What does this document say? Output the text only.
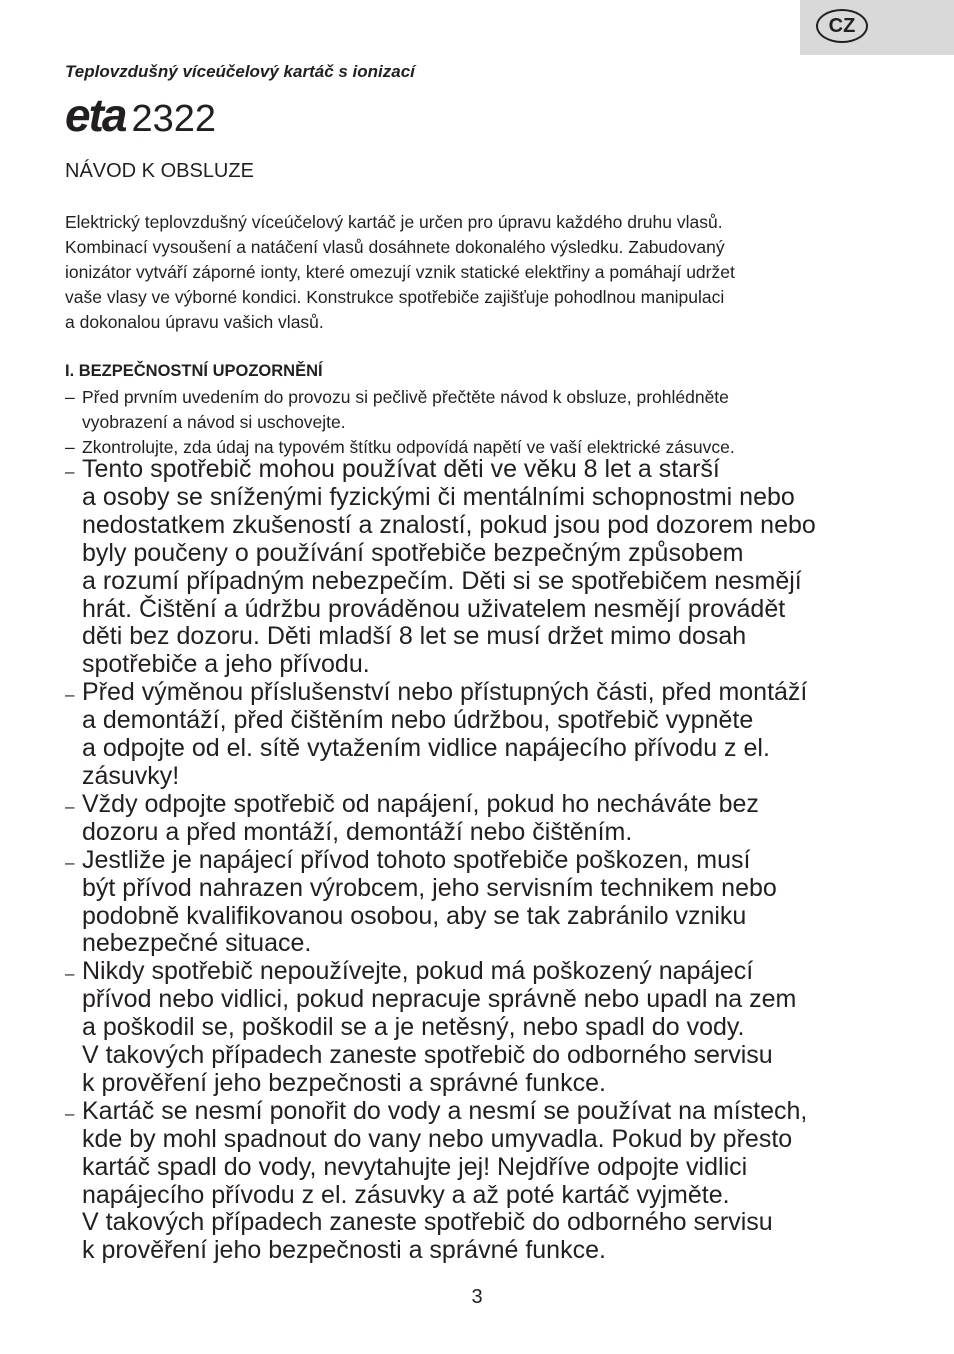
CZ
Teplovzdušný víceúčelový kartáč s ionizací
eta 2322
NÁVOD K OBSLUZE
Elektrický teplovzdušný víceúčelový kartáč je určen pro úpravu každého druhu vlasů.
Kombinací vysoušení a natáčení vlasů dosáhnete dokonalého výsledku. Zabudovaný
ionizátor vytváří záporné ionty, které omezují vznik statické elektřiny a pomáhají udržet
vaše vlasy ve výborné kondici. Konstrukce spotřebiče zajišťuje pohodlnou manipulaci
a dokonalou úpravu vašich vlasů.
I. BEZPEČNOSTNÍ UPOZORNĚNÍ
– Před prvním uvedením do provozu si pečlivě přečtěte návod k obsluze, prohlédněte
vyobrazení a návod si uschovejte.
– Zkontrolujte, zda údaj na typovém štítku odpovídá napětí ve vaší elektrické zásuvce.
– Tento spotřebič mohou používat děti ve věku 8 let a starší
a osoby se sníženými fyzickými či mentálními schopnostmi nebo
nedostatkem zkušeností a znalostí, pokud jsou pod dozorem nebo
byly poučeny o používání spotřebiče bezpečným způsobem
a rozumí případným nebezpečím. Děti si se spotřebičem nesmějí
hrát. Čištění a údržbu prováděnou uživatelem nesmějí provádět
děti bez dozoru. Děti mladší 8 let se musí držet mimo dosah
spotřebiče a jeho přívodu.
– Před výměnou příslušenství nebo přístupných části, před montáží
a demontáží, před čištěním nebo údržbou, spotřebič vypněte
a odpojte od el. sítě vytažením vidlice napájecího přívodu z el.
zásuvky!
– Vždy odpojte spotřebič od napájení, pokud ho necháváte bez
dozoru a před montáží, demontáží nebo čištěním.
– Jestliže je napájecí přívod tohoto spotřebiče poškozen, musí
být přívod nahrazen výrobcem, jeho servisním technikem nebo
podobně kvalifikovanou osobou, aby se tak zabránilo vzniku
nebezpečné situace.
– Nikdy spotřebič nepoužívejte, pokud má poškozený napájecí
přívod nebo vidlici, pokud nepracuje správně nebo upadl na zem
a poškodil se, poškodil se a je netěsný, nebo spadl do vody.
V takových případech zaneste spotřebič do odborného servisu
k prověření jeho bezpečnosti a správné funkce.
– Kartáč se nesmí ponořit do vody a nesmí se používat na místech,
kde by mohl spadnout do vany nebo umyvadla. Pokud by přesto
kartáč spadl do vody, nevytahujte jej! Nejdříve odpojte vidlici
napájecího přívodu z el. zásuvky a až poté kartáč vyjměte.
V takových případech zaneste spotřebič do odborného servisu
k prověření jeho bezpečnosti a správné funkce.
3
